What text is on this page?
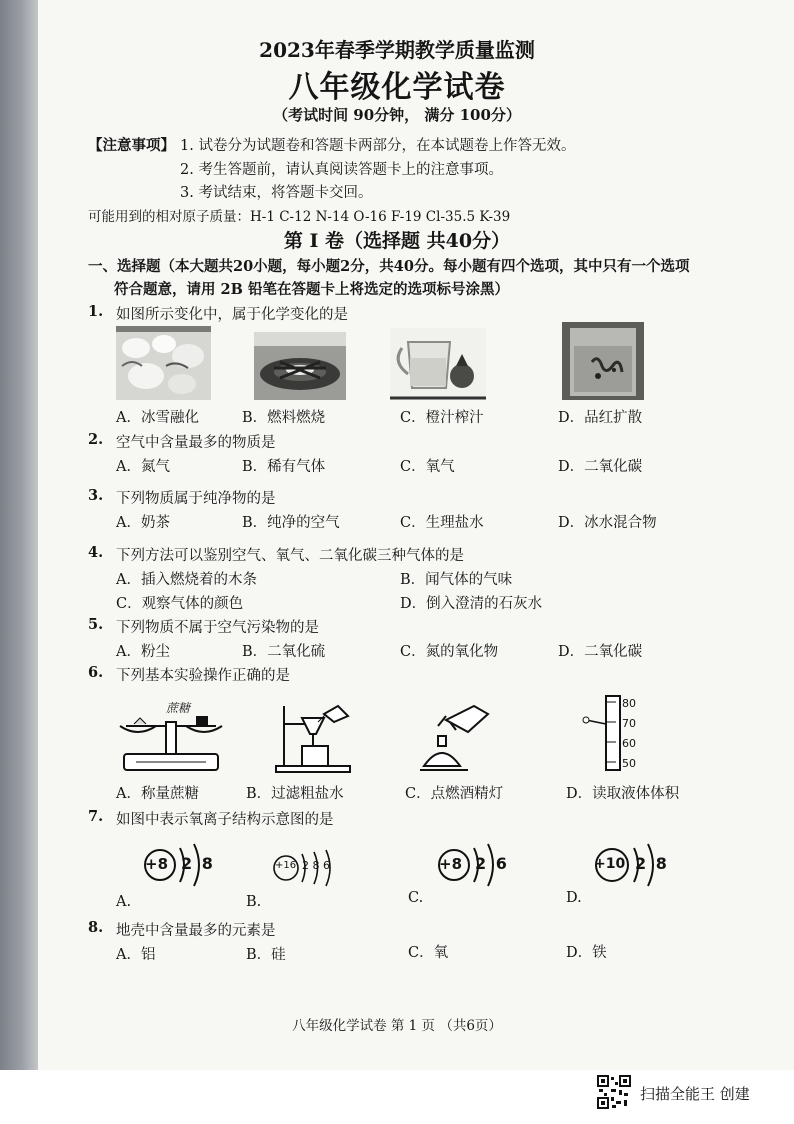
2023年春季学期教学质量监测
八年级化学试卷
（考试时间 90分钟， 满分 100分）
【注意事项】 1. 试卷分为试题卷和答题卡两部分，在本试题卷上作答无效。
2. 考生答题前，请认真阅读答题卡上的注意事项。
3. 考试结束，将答题卡交回。
可能用到的相对原子质量：H-1 C-12 N-14 O-16 F-19 Cl-35.5 K-39
第 I 卷（选择题 共40分）
一、选择题（本大题共20小题，每小题2分，共40分。每小题有四个选项，其中只有一个选项
符合题意，请用 2B 铅笔在答题卡上将选定的选项标号涂黑）
1. 如图所示变化中，属于化学变化的是
A．冰雪融化	B．燃料燃烧	C．橙汁榨汁	D．品红扩散
2. 空气中含量最多的物质是
A．氮气	B．稀有气体	C．氧气	D．二氧化碳
3. 下列物质属于纯净物的是
A．奶茶	B．纯净的空气	C．生理盐水	D．冰水混合物
4. 下列方法可以鉴别空气、氧气、二氧化碳三种气体的是
A．插入燃烧着的木条	B．闻气体的气味
C．观察气体的颜色	D．倒入澄清的石灰水
5. 下列物质不属于空气污染物的是
A．粉尘	B．二氧化硫	C．氮的氧化物	D．二氧化碳
6. 下列基本实验操作正确的是
蔗糖	80
70
60
50
A．称量蔗糖	B．过滤粗盐水	C．点燃酒精灯	D．读取液体体积
7. 如图中表示氧离子结构示意图的是
+8 2 8	+16 2 8 6	+8 2 6	+10 2 8
A.	B.	C.	D.
8. 地壳中含量最多的元素是
A．铝	B．硅	C．氧	D．铁
八年级化学试卷 第 1 页 （共6页）
扫描全能王 创建
